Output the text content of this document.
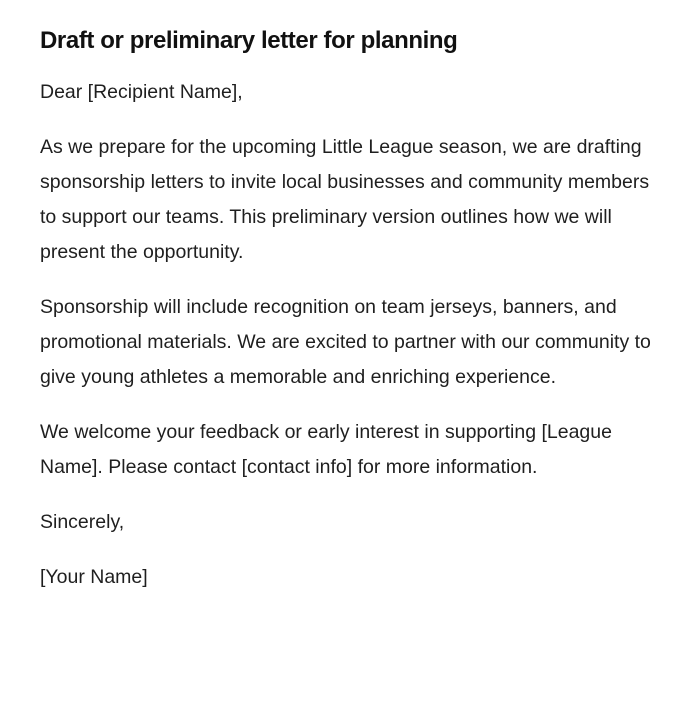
Draft or preliminary letter for planning

Dear [Recipient Name],

As we prepare for the upcoming Little League season, we are drafting sponsorship letters to invite local businesses and community members to support our teams. This preliminary version outlines how we will present the opportunity.

Sponsorship will include recognition on team jerseys, banners, and promotional materials. We are excited to partner with our community to give young athletes a memorable and enriching experience.

We welcome your feedback or early interest in supporting [League Name]. Please contact [contact info] for more information.

Sincerely,

[Your Name]
